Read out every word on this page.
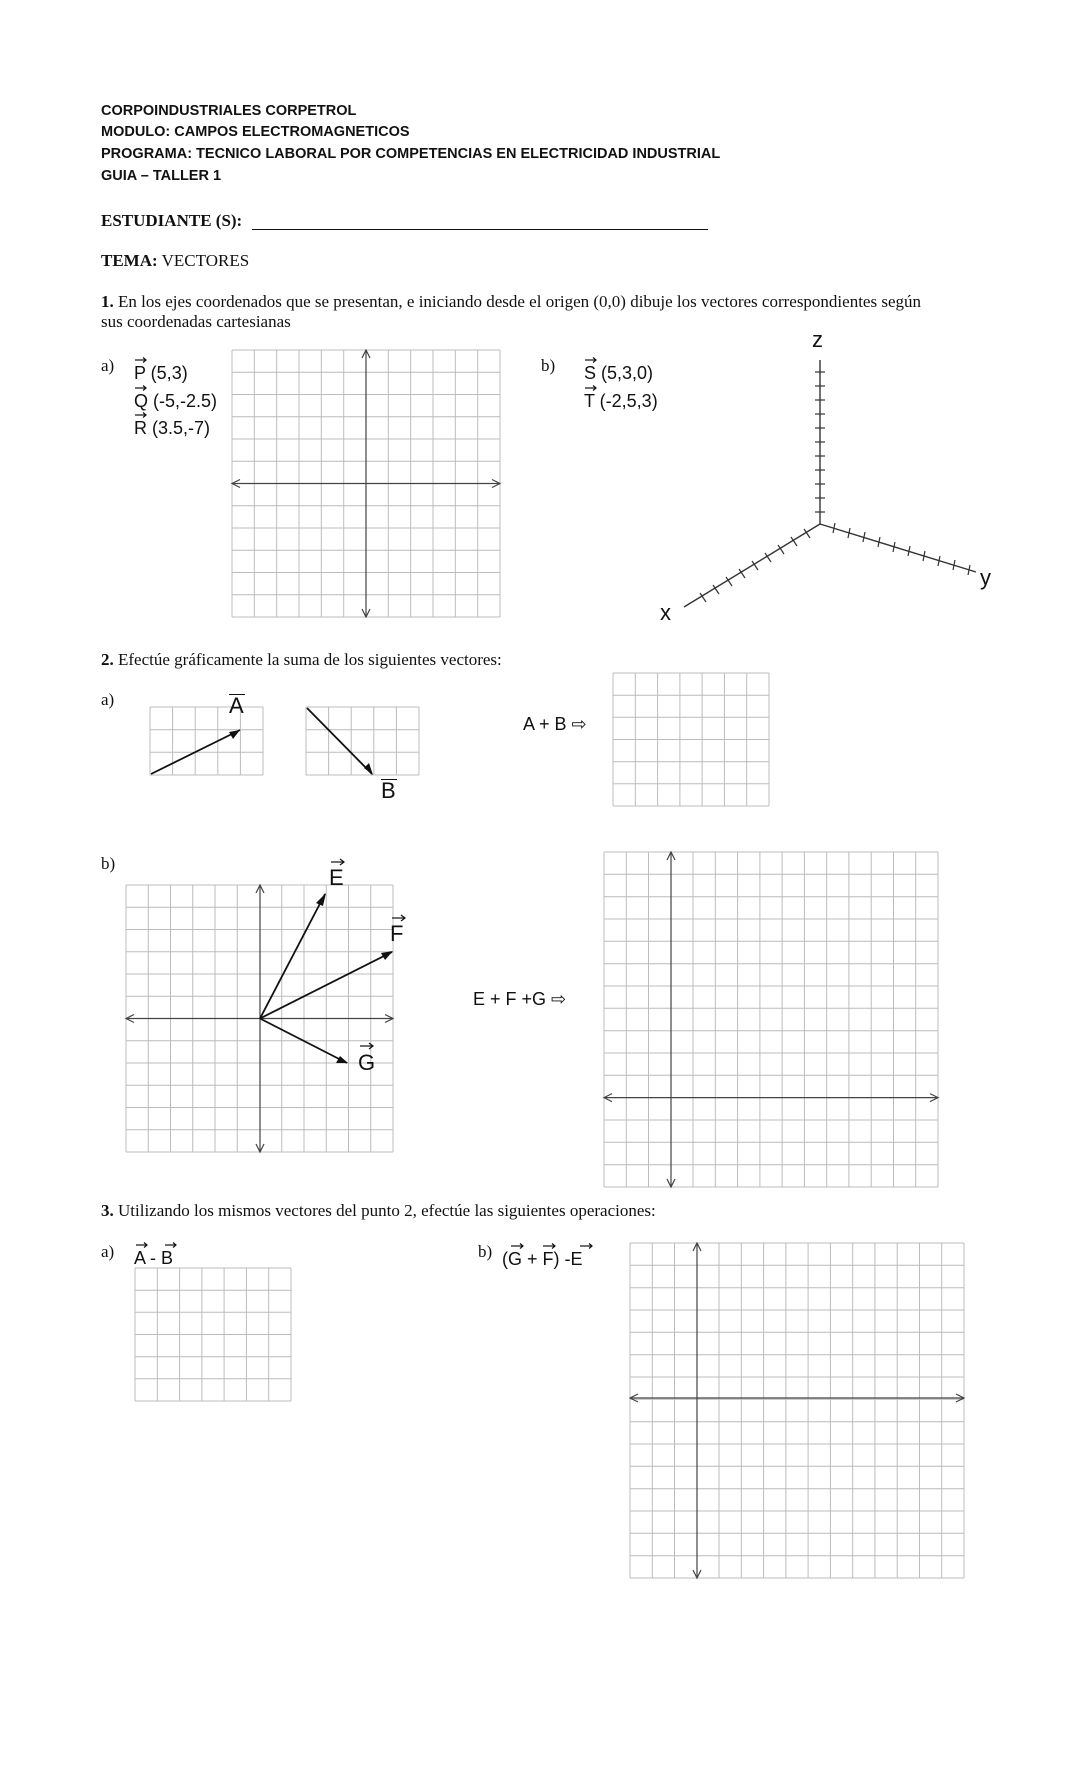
CORPOINDUSTRIALES CORPETROL
MODULO: CAMPOS ELECTROMAGNETICOS
PROGRAMA: TECNICO LABORAL POR COMPETENCIAS EN ELECTRICIDAD INDUSTRIAL
GUIA – TALLER 1
ESTUDIANTE (S):
TEMA: VECTORES
1. En los ejes coordenados que se presentan, e iniciando desde el origen (0,0) dibuje los vectores correspondientes según
sus coordenadas cartesianas
a) P (5,3)
Q (-5,-2.5)
R (3.5,-7)
b) S (5,3,0)
T (-2,5,3)
z
y
x
2. Efectúe gráficamente la suma de los siguientes vectores:
a)	A
B
A + B ⇨
b)
E
F
G
E + F +G ⇨
3. Utilizando los mismos vectores del punto 2, efectúe las siguientes operaciones:
a) A - B	b) (G + F) -E
